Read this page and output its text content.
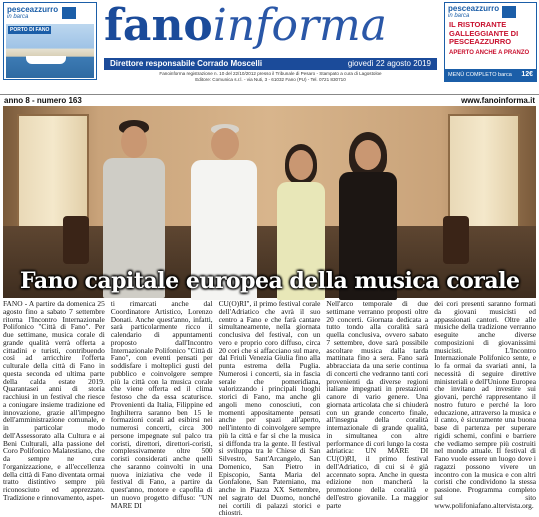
pescеazzurro
in barca
PORTO DI FANO fanoinforma
Direttore responsabile Corrado Moscelli	giovedì 22 agosto 2019
Fanoinforma registrazione n. 10 del 22/10/2012 presso il Tribunale di Pesaro - Stampato a cura di Lagostoloe
Editore: Comunica s.r.l. - via Nuti, 3 - 61032 Fano (PU) - Tel. 0721 830710
pescеazzurro
in barca
IL RISTORANTE GALLEGGIANTE DI PESCEAZZURRO
APERTO ANCHE A PRANZO
MENÙ COMPLETO barca 12€
anno 8 - numero 163	www.fanoinforma.it
Fano capitale europea della musica corale
FANO - A partire da domenica 25 agosto fino a sabato 7 settembre ritorna l'Incontro Internazionale Polifonico "Città di Fano". Per due settimane, musica corale di grande qualità verrà offerta a cittadini e turisti, contribuendo così ad arricchire l'offerta culturale della città di Fano in questa seconda ed ultima parte della calda estate 2019. Quarantasei anni di storia racchiusi in un festival che riesce a coniugare insieme tradizione ed innovazione, grazie all'impegno dell'amministrazione comunale, e in particolar modo dell'Assessorato alla Cultura e ai Beni Culturali, alla passione del Coro Polifonico Malatestiano, che da sempre ne cura l'organizzazione, e all'eccellenza della città di Fano diventata ormai tratto distintivo sempre più riconosciuto ed apprezzato. Tradizione e rinnovamento, aspet-
ti rimarcati anche dal Coordinatore Artistico, Lorenzo Donati. Anche quest'anno, infatti, sarà particolarmente ricco il calendario di appuntamenti proposto dall'Incontro Internazionale Polifonico "Città di Fano", con eventi pensati per soddisfare i molteplici gusti del pubblico e coinvolgere sempre più la città con la musica corale che viene offerta ed il clima festoso che da essa scaturisce. Provenienti da Italia, Filippine ed Inghilterra saranno ben 15 le formazioni corali ad esibirsi nei numerosi concerti, circa 300 persone impegnate sul palco tra coristi, direttori, direttori-coristi, complessivamente oltre 500 coristi considerati anche quelli che saranno coinvolti in una nuova iniziativa che vede il festival di Fano, a partire da quest'anno, motore e capofila di un nuovo progetto diffuso: "UN MARE DI
CU(O)RI", il primo festival corale dell'Adriatico che avrà il suo centro a Fano e che farà cantare simultaneamente, nella giornata conclusiva del festival, con un vero e proprio coro diffuso, circa 20 cori che si affacciano sul mare, dal Friuli Venezia Giulia fino alla punta estrema della Puglia. Numerosi i concerti, sia in fascia serale che pomeridiana, valorizzando i principali luoghi storici di Fano, ma anche gli angoli meno conosciuti, con momenti appositamente pensati anche per spazi all'aperto, nell'intento di coinvolgere sempre più la città e far sì che la musica si diffonda tra la gente. Il festival si sviluppa tra le Chiese di San Silvestro, Sant'Arcangelo, San Domenico, San Pietro in Episcopio, Santa Maria del Gonfalone, San Paterniano, ma anche in Piazza XX Settembre, nel sagrato del Duomo, nonché nei cortili di palazzi storici e chiostri.
Nell'arco temporale di due settimane verranno proposti oltre 20 concerti. Giornata dedicata a tutto tondo alla coralità sarà quella conclusiva, ovvero sabato 7 settembre, dove sarà possibile ascoltare musica dalla tarda mattinata fino a sera. Fano sarà abbracciata da una serie continua di concerti che vedranno tanti cori provenienti da diverse regioni italiane impegnati in prestazioni canore di vario genere. Una giornata articolata che si chiuderà con un grande concerto finale, all'insegna della coralità internazionale di grande qualità, in simultanea con altre performance di cori lungo la costa adriatica: UN MARE DI CU(O)RI, il primo festival dell'Adriatico, di cui si è già accennato sopra. Anche in questa edizione non mancherà la promozione della coralità e dell'estro giovanile. La maggior parte
dei cori presenti saranno formati da giovani musicisti ed appassionati cantori. Oltre alle musiche della tradizione verranno eseguite anche diverse composizioni di giovanissimi musicisti. L'Incontro Internazionale Polifonico sente, e lo fa ormai da svariati anni, la necessità di seguire direttive ministeriali e dell'Unione Europea che invitano ad investire sui giovani, perché rappresentano il nostro futuro e perché la loro educazione, attraverso la musica e il canto, è sicuramente una buona base di partenza per superare rigidi schemi, confini e barriere che vediamo sempre più costruiti nel mondo attuale. Il festival di Fano vuole essere un luogo dove i ragazzi possono vivere un incontro con la musica e con altri coristi che condividono la stessa passione. Programma completo sul sito www.polifoniafano.altervista.org.
